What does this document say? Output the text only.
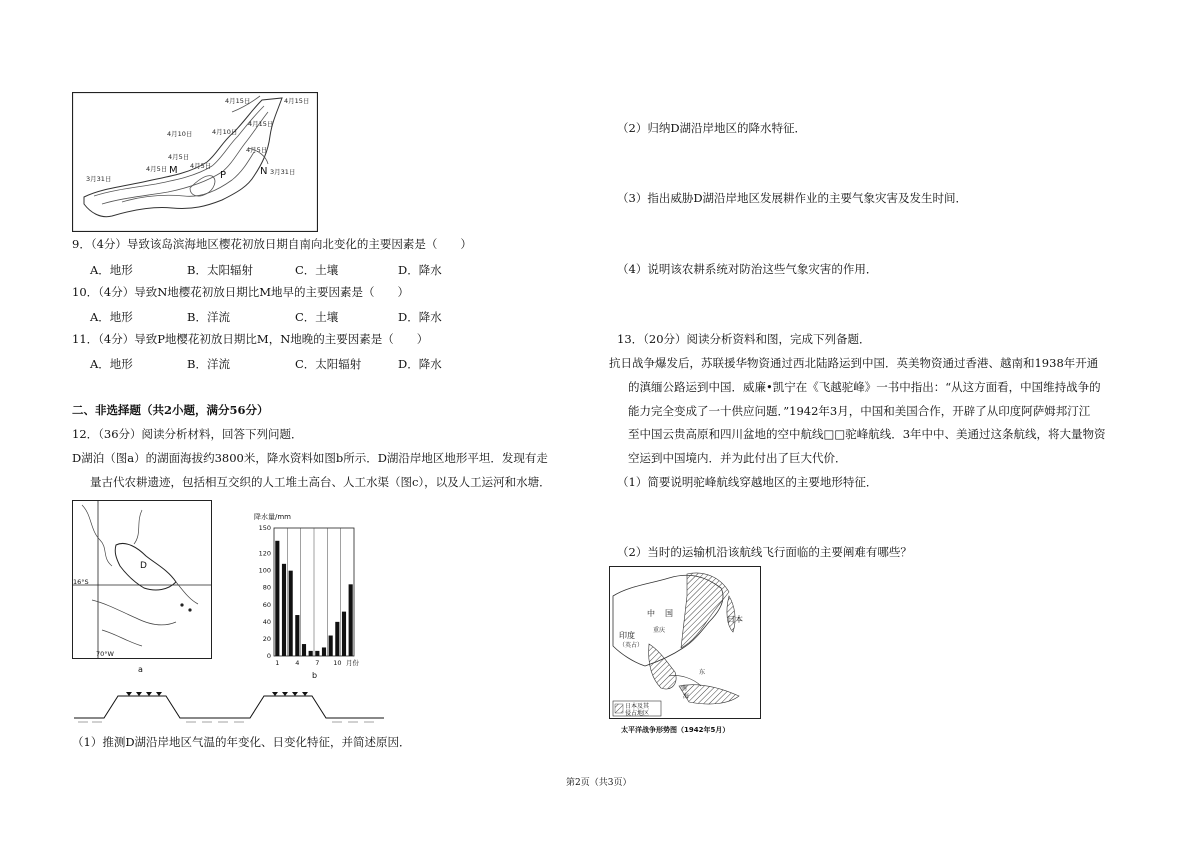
4月15日	4月15日
4月10日	4月10日
4月5日
4月5日
4月5日
4月5日
3月31日
3月31日
4月15日
M	P	N
9．（4分）导致该岛滨海地区樱花初放日期自南向北变化的主要因素是（　　）
A．地形	B．太阳辐射	C．土壤	D．降水
10．（4分）导致N地樱花初放日期比M地早的主要因素是（　　）
A．地形	B．洋流	C．土壤	D．降水
11．（4分）导致P地樱花初放日期比M，N地晚的主要因素是（　　）
A．地形	B．洋流	C．太阳辐射	D．降水
二、非选择题（共2小题，满分56分）
12．（36分）阅读分析材料，回答下列问题．
D湖泊（图a）的湖面海拔约3800米，降水资料如图b所示．D湖沿岸地区地形平坦．发现有走
量古代农耕遗迹，包括相互交织的人工堆土高台、人工水渠（图c），以及人工运河和水塘．
D
16°S
70°W
a
降水量/mm
150
120
100
80
60
40
20
0
1 4 7 10 月份
b
（1）推测D湖沿岸地区气温的年变化、日变化特征，并简述原因．
（2）归纳D湖沿岸地区的降水特征．
（3）指出威胁D湖沿岸地区发展耕作业的主要气象灾害及发生时间．
（4）说明该农耕系统对防治这些气象灾害的作用．
13．（20分）阅读分析资料和图，完成下列备题．
抗日战争爆发后，苏联援华物资通过西北陆路运到中国．英美物资通过香港、越南和1938年开通
的滇缅公路运到中国．威廉•凯宁在《飞越驼峰》一书中指出：“从这方面看，中国维持战争的
能力完全变成了一十供应问题．”1942年3月，中国和美国合作，开辟了从印度阿萨姆邦汀江
至中国云贵高原和四川盆地的空中航线□□驼峰航线．3年中中、美通过这条航线，将大量物资
空运到中国境内．并为此付出了巨大代价．
（1）简要说明驼峰航线穿越地区的主要地形特征．
（2）当时的运输机沿该航线飞行面临的主要阐难有哪些？
中 国
日本
印度
（英占）
重庆
东
南
海
日本及其
侵占地区
太平洋战争形势图（1942年5月）
第2页（共3页）
